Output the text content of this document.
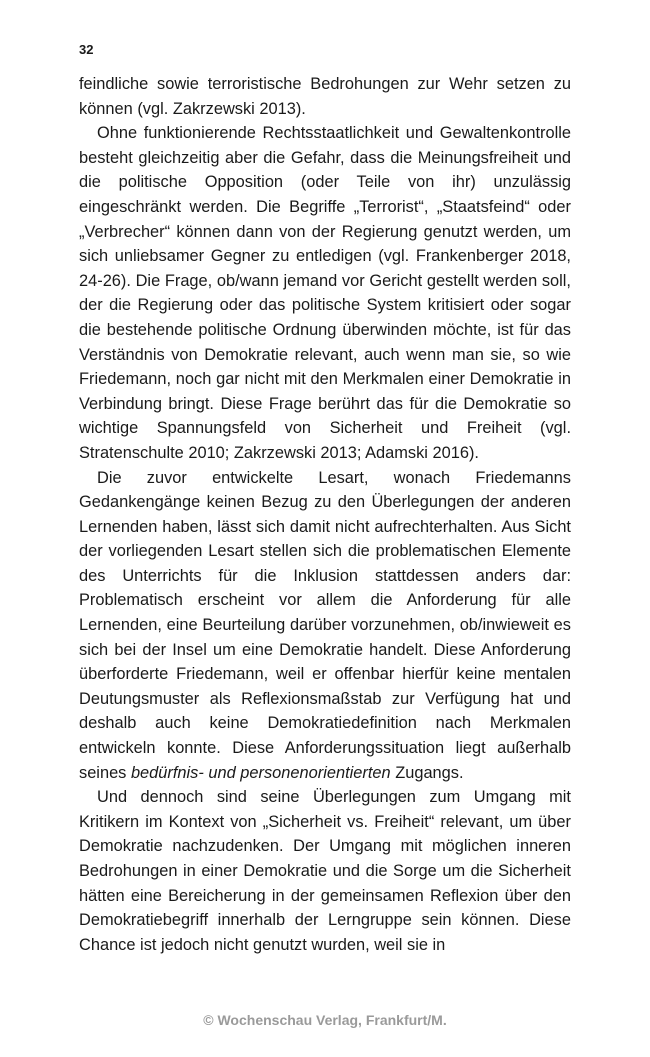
32

feindliche sowie terroristische Bedrohungen zur Wehr setzen zu können (vgl. Zakrzewski 2013).

Ohne funktionierende Rechtsstaatlichkeit und Gewaltenkontrolle besteht gleichzeitig aber die Gefahr, dass die Meinungsfreiheit und die politische Opposition (oder Teile von ihr) unzulässig eingeschränkt werden. Die Begriffe „Terrorist“, „Staatsfeind“ oder „Verbrecher“ können dann von der Regierung genutzt werden, um sich unliebsamer Gegner zu entledigen (vgl. Frankenberger 2018, 24-26). Die Frage, ob/wann jemand vor Gericht gestellt werden soll, der die Regierung oder das politische System kritisiert oder sogar die bestehende politische Ordnung überwinden möchte, ist für das Verständnis von Demokratie relevant, auch wenn man sie, so wie Friedemann, noch gar nicht mit den Merkmalen einer Demokratie in Verbindung bringt. Diese Frage berührt das für die Demokratie so wichtige Spannungsfeld von Sicherheit und Freiheit (vgl. Stratenschulte 2010; Zakrzewski 2013; Adamski 2016).

Die zuvor entwickelte Lesart, wonach Friedemanns Gedankengänge keinen Bezug zu den Überlegungen der anderen Lernenden haben, lässt sich damit nicht aufrechterhalten. Aus Sicht der vorliegenden Lesart stellen sich die problematischen Elemente des Unterrichts für die Inklusion stattdessen anders dar: Problematisch erscheint vor allem die Anforderung für alle Lernenden, eine Beurteilung darüber vorzunehmen, ob/inwieweit es sich bei der Insel um eine Demokratie handelt. Diese Anforderung überforderte Friedemann, weil er offenbar hierfür keine mentalen Deutungsmuster als Reflexionsmaßstab zur Verfügung hat und deshalb auch keine Demokratiedefinition nach Merkmalen entwickeln konnte. Diese Anforderungssituation liegt außerhalb seines bedürfnis- und personenorientierten Zugangs.

Und dennoch sind seine Überlegungen zum Umgang mit Kritikern im Kontext von „Sicherheit vs. Freiheit“ relevant, um über Demokratie nachzudenken. Der Umgang mit möglichen inneren Bedrohungen in einer Demokratie und die Sorge um die Sicherheit hätten eine Bereicherung in der gemeinsamen Reflexion über den Demokratiebegriff innerhalb der Lerngruppe sein können. Diese Chance ist jedoch nicht genutzt wurden, weil sie in

© Wochenschau Verlag, Frankfurt/M.
